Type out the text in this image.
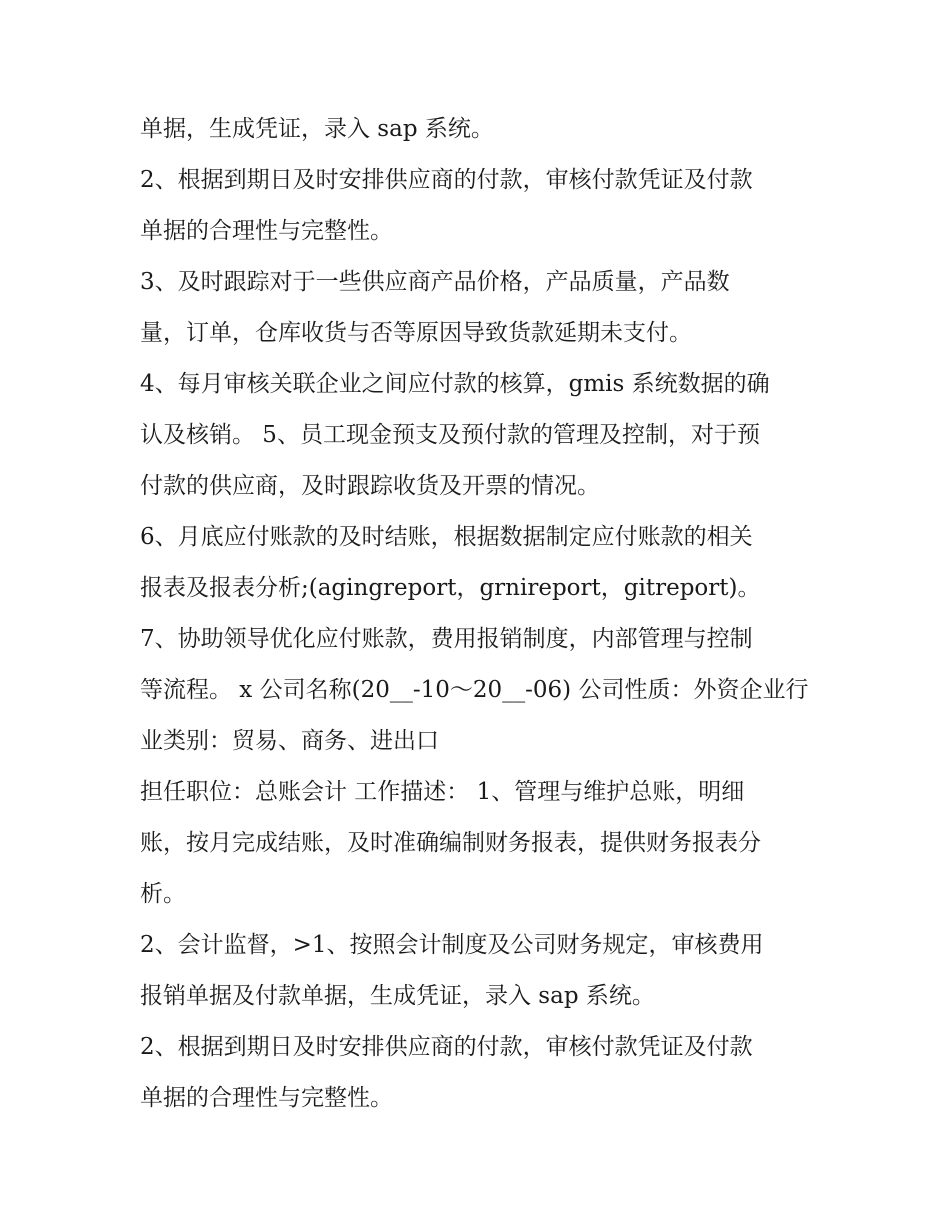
单据，生成凭证，录入 sap 系统。
2、根据到期日及时安排供应商的付款，审核付款凭证及付款
单据的合理性与完整性。
3、及时跟踪对于一些供应商产品价格，产品质量，产品数
量，订单，仓库收货与否等原因导致货款延期未支付。
4、每月审核关联企业之间应付款的核算，gmis 系统数据的确
认及核销。 5、员工现金预支及预付款的管理及控制，对于预
付款的供应商，及时跟踪收货及开票的情况。
6、月底应付账款的及时结账，根据数据制定应付账款的相关
报表及报表分析;(agingreport，grnireport，gitreport)。
7、协助领导优化应付账款，费用报销制度，内部管理与控制
等流程。 x 公司名称(20__-10～20__-06) 公司性质：外资企业行
业类别：贸易、商务、进出口
担任职位：总账会计 工作描述： 1、管理与维护总账，明细
账，按月完成结账，及时准确编制财务报表，提供财务报表分
析。
2、会计监督，>1、按照会计制度及公司财务规定，审核费用
报销单据及付款单据，生成凭证，录入 sap 系统。
2、根据到期日及时安排供应商的付款，审核付款凭证及付款
单据的合理性与完整性。
